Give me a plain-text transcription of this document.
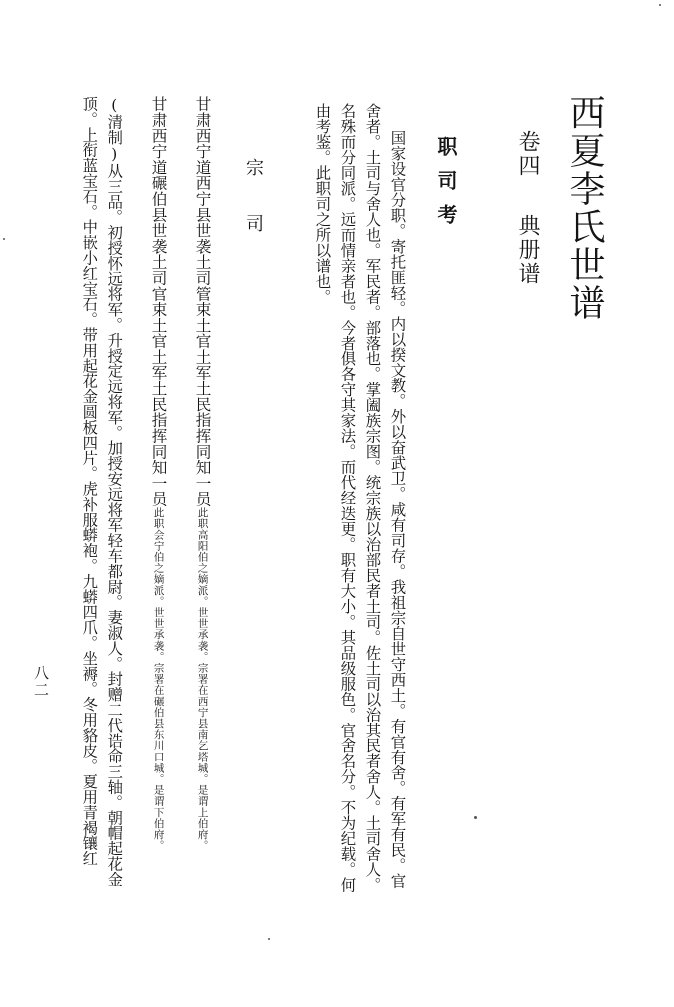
西夏李氏世谱
卷四
典册谱
职司考
国家设官分职。寄托匪轻。内以揆文教。外以奋武卫。咸有司存。我祖宗自世守西土。有官有舍。有军有民。官
舍者。土司与舍人也。军民者。部落也。掌阖族宗图。统宗族以治部民者土司。佐土司以治其民者舍人。土司舍人。
名殊而分同派。远而情亲者也。今者俱各守其家法。而代经迭更。职有大小。其品级服色。官舍名分。不为纪载。何
由考鉴。此职司之所以谱也。
宗司
甘肃西宁道西宁县世袭土司管束土官土军土民指挥同知一员此职高阳伯之嫡派。世世承袭。宗署在西宁县南乞塔城。是谓上伯府。
甘肃西宁道碾伯县世袭土司官束土官土军土民指挥同知一员此职会宁伯之嫡派。世世承袭。宗署在碾伯县东川口城。是谓下伯府。
(清制)从三品。初授怀远将军。升授定远将军。加授安远将军轻车都尉。妻淑人。封赠二代诰命三轴。朝帽起花金
顶。上衔蓝宝石。中嵌小红宝石。带用起花金圆板四片。虎补服蟒袍。九蟒四爪。坐褥。冬用貉皮。夏用青褐镶红
八二
